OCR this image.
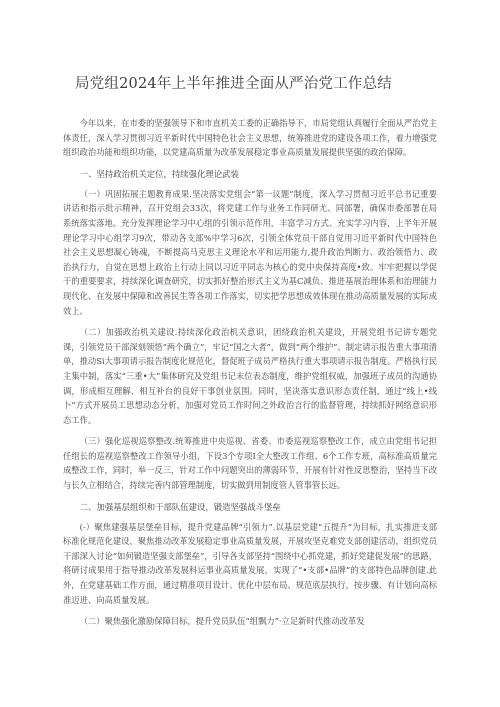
局党组2024年上半年推进全面从严治党工作总结

今年以来，在市委的坚强领导下和市直机关工委的正确指导下，市局党组认真履行全面从严治党主体责任，深入学习贯彻习近平新时代中国特色社会主义思想，统筹推进党的建设各项工作，着力增强党组织政治功能和组织功能，以党建高质量为改革发展稳定事业高质量发展提供坚强的政治保障。

一、坚持政治机关定位，持续强化理论武装

（一）巩固拓展主题教育成果.坚决落实党组会“第一议题”制度，深入学习贯彻习近平总书记重要讲话和指示批示精神，召开党组会33次，将党建工作与业务工作同研尤、同部署，确保市委部署在局系统落实落地。充分发挥理论学习中心组的引领示范作用，丰富学习方式、充实学习内容，上半年开展理论学习中心组学习9次，带动各支部%中学习6次，引领全体党员干部自觉用习近平新时代中国特色社会主义思想凝心铸魂，不断提高马克思主义理论水平和运用能力,提升政治判断力、政治领悟力、政治执行力，自觉在思想上政治上行动上同以习近平同志为核心的党中央保持高度•致。牢牢把握以学促干的重要要求，持续深化调查研究，切实抓好整治形式主义为基C减负、推进基展治理体系和治理能力现代化、在发展中保障和改善民生等各项工作落实，切实把学思想成效体现在推动高质量发展的实际成效上。

（二）加强政治机关建设.持续深化政治机关意识，团绕政治机关建设，开展党组书记讲专题党课，引领党员干部深刻领悟“两个确立”，牢记“国之大者”，做到“两个维护”。制定请示报告重大事项清单，推动Si大事项请示报告制度化规范化，督促班子成员严格执行重大事项请示报告制度。严格执行民主集中制，落实“三重•大”集体研究及党组书记末位表态制度，维护党组权威，加强班子成员的沟通协调，形成相互理解、相互补台的良好干事创业氛围。同时，坚决落实意识形态责任制，通过“线上•线卜”方式开展员工思想动态分析，加强对党员工作时间之外政治言行的监督管理，持续抓好网络意识形态工作。

（三）强化巡视巡察整改.统筹推进中央巡视、省委、市委巡视巡察整改工作，成立由党组书记担任组长的巡视巡察整改工作领导小组，下设3个专项I全大整改工作组、6个工作专班，高标准高质量完成整改工作，同时，举一反三，针对工作中问题突出的薄弱环节，开展有针对性反思整治，坚持当下改与长久立相结合，持续完善内部管理制度，切实做到用制度管人管事管长远。

二、加强基层组织和干部队伍建设，锻造坚强战斗堡垒

(-）聚焦建强基层堡垒目标，提升党建品牌“引领力”.以基层党建“五提升”为目标，扎实推进支部标准化规范化建设，聚焦推动改革发展稳定事业高质量发展，开展攻坚克难党支部创建活动，组织党员干部深入讨论“如何锻造坚强支部堡垒”，引导各支部坚持“围绕中心抓党建，抓好党建促发展”的思路，将研讨成果用于指导推动改革发展科运事业高质量发展，实现了“•支部•品牌”的支部特色品牌创建.此外，在党建基础工作方面，通过精准项目设计、优化中层布局、规范底层执行，按步骤、有计划向高标准迈进、向高质量发展。

（二）聚焦强化激励保障目标，提升党员队伍“组飘力”·立足新时代推动改革发
